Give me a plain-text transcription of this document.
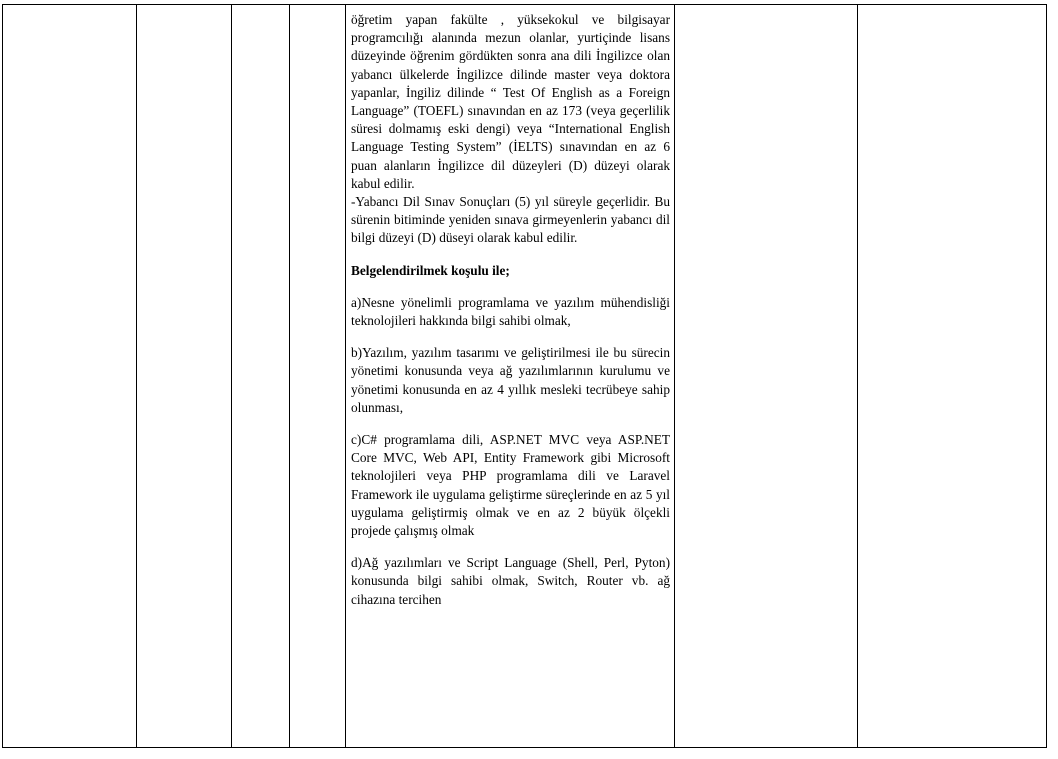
öğretim yapan fakülte , yüksekokul ve bilgisayar programcılığı alanında mezun olanlar, yurtiçinde lisans düzeyinde öğrenim gördükten sonra ana dili İngilizce olan yabancı ülkelerde İngilizce dilinde master veya doktora yapanlar, İngiliz dilinde “ Test Of English as a Foreign Language” (TOEFL) sınavından en az 173 (veya geçerlilik süresi dolmamış eski dengi) veya “International English Language Testing System” (İELTS) sınavından en az 6 puan alanların İngilizce dil düzeyleri (D) düzeyi olarak kabul edilir.

-Yabancı Dil Sınav Sonuçları (5) yıl süreyle geçerlidir. Bu sürenin bitiminde yeniden sınava girmeyenlerin yabancı dil bilgi düzeyi (D) düseyi olarak kabul edilir.

Belgelendirilmek koşulu ile;

a)Nesne yönelimli programlama ve yazılım mühendisliği teknolojileri hakkında bilgi sahibi olmak,

b)Yazılım, yazılım tasarımı ve geliştirilmesi ile bu sürecin yönetimi konusunda veya ağ yazılımlarının kurulumu ve yönetimi konusunda en az 4 yıllık mesleki tecrübeye sahip olunması,

c)C# programlama dili, ASP.NET MVC veya ASP.NET Core MVC, Web API, Entity Framework gibi Microsoft teknolojileri veya PHP programlama dili ve Laravel Framework ile uygulama geliştirme süreçlerinde en az 5 yıl uygulama geliştirmiş olmak ve en az 2 büyük ölçekli projede çalışmış olmak

d)Ağ yazılımları ve Script Language (Shell, Perl, Pyton) konusunda bilgi sahibi olmak, Switch, Router vb. ağ cihazına tercihen
